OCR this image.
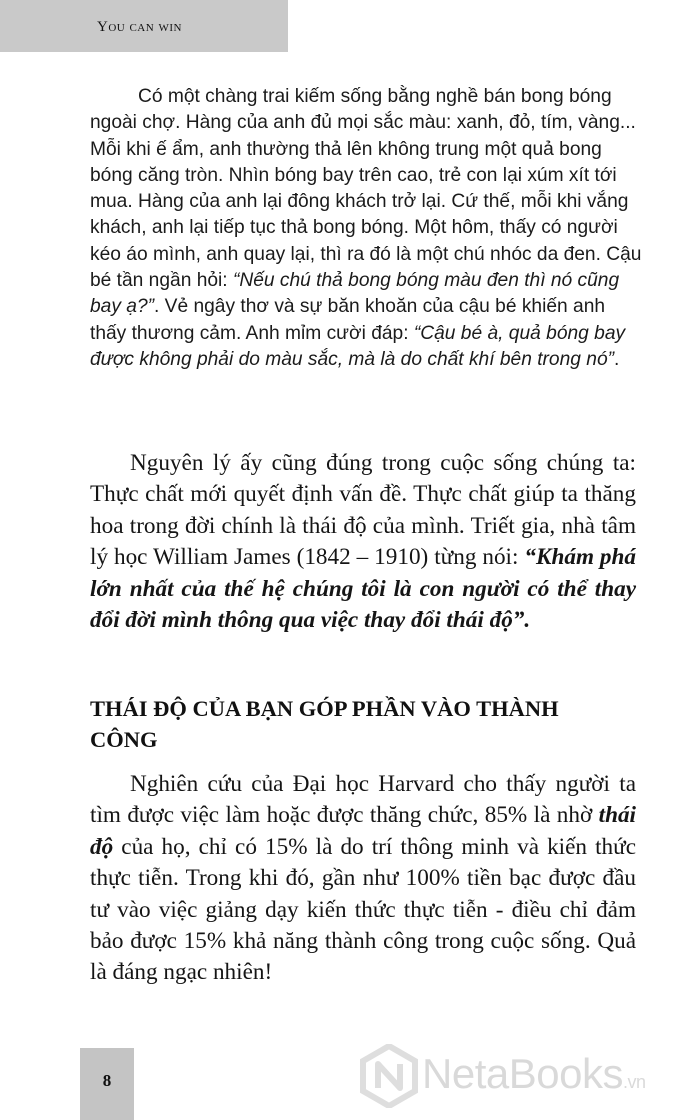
You can win

Có một chàng trai kiếm sống bằng nghề bán bong bóng ngoài chợ. Hàng của anh đủ mọi sắc màu: xanh, đỏ, tím, vàng... Mỗi khi ế ẩm, anh thường thả lên không trung một quả bong bóng căng tròn. Nhìn bóng bay trên cao, trẻ con lại xúm xít tới mua. Hàng của anh lại đông khách trở lại. Cứ thế, mỗi khi vắng khách, anh lại tiếp tục thả bong bóng. Một hôm, thấy có người kéo áo mình, anh quay lại, thì ra đó là một chú nhóc da đen. Cậu bé tần ngần hỏi: “Nếu chú thả bong bóng màu đen thì nó cũng bay ạ?”. Vẻ ngây thơ và sự băn khoăn của cậu bé khiến anh thấy thương cảm. Anh mỉm cười đáp: “Cậu bé à, quả bóng bay được không phải do màu sắc, mà là do chất khí bên trong nó”.

Nguyên lý ấy cũng đúng trong cuộc sống chúng ta: Thực chất mới quyết định vấn đề. Thực chất giúp ta thăng hoa trong đời chính là thái độ của mình. Triết gia, nhà tâm lý học William James (1842 – 1910) từng nói: “Khám phá lớn nhất của thế hệ chúng tôi là con người có thể thay đổi đời mình thông qua việc thay đổi thái độ”.

THÁI ĐỘ CỦA BẠN GÓP PHẦN VÀO THÀNH CÔNG

Nghiên cứu của Đại học Harvard cho thấy người ta tìm được việc làm hoặc được thăng chức, 85% là nhờ thái độ của họ, chỉ có 15% là do trí thông minh và kiến thức thực tiễn. Trong khi đó, gần như 100% tiền bạc được đầu tư vào việc giảng dạy kiến thức thực tiễn - điều chỉ đảm bảo được 15% khả năng thành công trong cuộc sống. Quả là đáng ngạc nhiên!

8	NetaBooks.vn
